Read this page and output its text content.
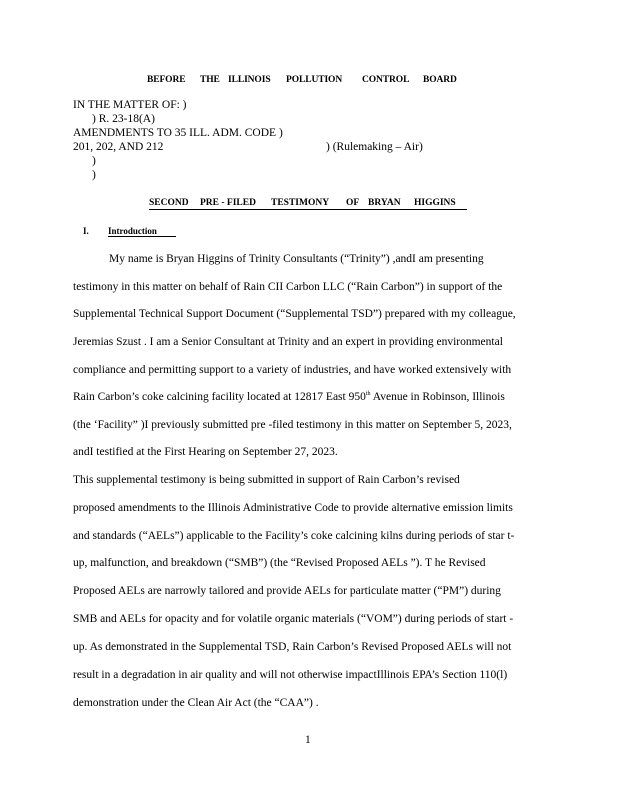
BEFORE THE ILLINOIS POLLUTION CONTROL BOARD
IN THE MATTER OF: )
) R. 23-18(A)
AMENDMENTS TO 35 ILL. ADM. CODE )
201, 202, AND 212	) (Rulemaking – Air)
)
)
SECOND PRE - FILED TESTIMONY OF BRYAN HIGGINS
I. Introduction
My name is Bryan Higgins of Trinity Consultants (“Trinity”) ,andI am presenting
testimony in this matter on behalf of Rain CII Carbon LLC (“Rain Carbon”) in support of the
Supplemental Technical Support Document (“Supplemental TSD”) prepared with my colleague,
Jeremias Szust . I am a Senior Consultant at Trinity and an expert in providing environmental
compliance and permitting support to a variety of industries, and have worked extensively with
Rain Carbon’s coke calcining facility located at 12817 East 950th Avenue in Robinson, Illinois
(the ‘Facility” )I previously submitted pre -filed testimony in this matter on September 5, 2023,
andI testified at the First Hearing on September 27, 2023.
This supplemental testimony is being submitted in support of Rain Carbon’s revised
proposed amendments to the Illinois Administrative Code to provide alternative emission limits
and standards (“AELs”) applicable to the Facility’s coke calcining kilns during periods of star t-
up, malfunction, and breakdown (“SMB”) (the “Revised Proposed AELs ”). T he Revised
Proposed AELs are narrowly tailored and provide AELs for particulate matter (“PM”) during
SMB and AELs for opacity and for volatile organic materials (“VOM”) during periods of start -
up. As demonstrated in the Supplemental TSD, Rain Carbon’s Revised Proposed AELs will not
result in a degradation in air quality and will not otherwise impactIllinois EPA’s Section 110(l)
demonstration under the Clean Air Act (the “CAA”) .
1
